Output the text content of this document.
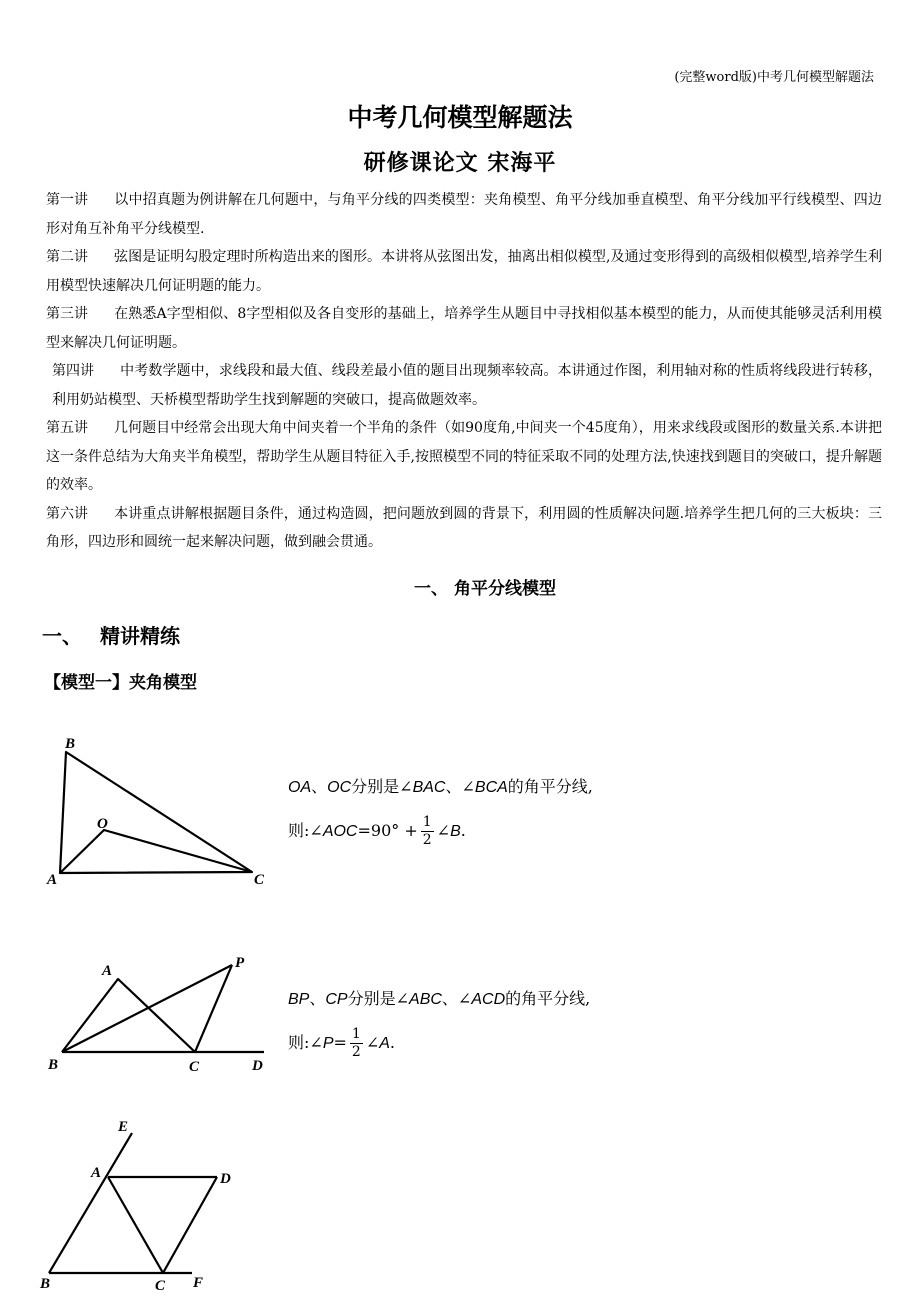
(完整word版)中考几何模型解题法
中考几何模型解题法
研修课论文 宋海平

第一讲 以中招真题为例讲解在几何题中，与角平分线的四类模型：夹角模型、角平分线加垂直模型、角平分线加平行线模型、四边形对角互补角平分线模型.

第二讲 弦图是证明勾股定理时所构造出来的图形。本讲将从弦图出发，抽离出相似模型,及通过变形得到的高级相似模型,培养学生利用模型快速解决几何证明题的能力。

第三讲 在熟悉A字型相似、8字型相似及各自变形的基础上，培养学生从题目中寻找相似基本模型的能力，从而使其能够灵活利用模型来解决几何证明题。

第四讲 中考数学题中，求线段和最大值、线段差最小值的题目出现频率较高。本讲通过作图，利用轴对称的性质将线段进行转移，利用奶站模型、天桥模型帮助学生找到解题的突破口，提高做题效率。

第五讲 几何题目中经常会出现大角中间夹着一个半角的条件（如90度角,中间夹一个45度角），用来求线段或图形的数量关系.本讲把这一条件总结为大角夹半角模型，帮助学生从题目特征入手,按照模型不同的特征采取不同的处理方法,快速找到题目的突破口，提升解题的效率。

第六讲 本讲重点讲解根据题目条件，通过构造圆，把问题放到圆的背景下，利用圆的性质解决问题.培养学生把几何的三大板块：三角形，四边形和圆统一起来解决问题，做到融会贯通。

一、 角平分线模型
一、 精讲精练
【模型一】夹角模型
B
O
A	C
A	P
B	C	D
E
A	D
B	C F
OA、OC分别是∠BAC、∠BCA的角平分线,
则:∠AOC=90° + $\frac{1}{2}$ ∠B.
BP、CP分别是∠ABC、∠ACD的角平分线,
则:∠P= $\frac{1}{2}$ ∠A.
